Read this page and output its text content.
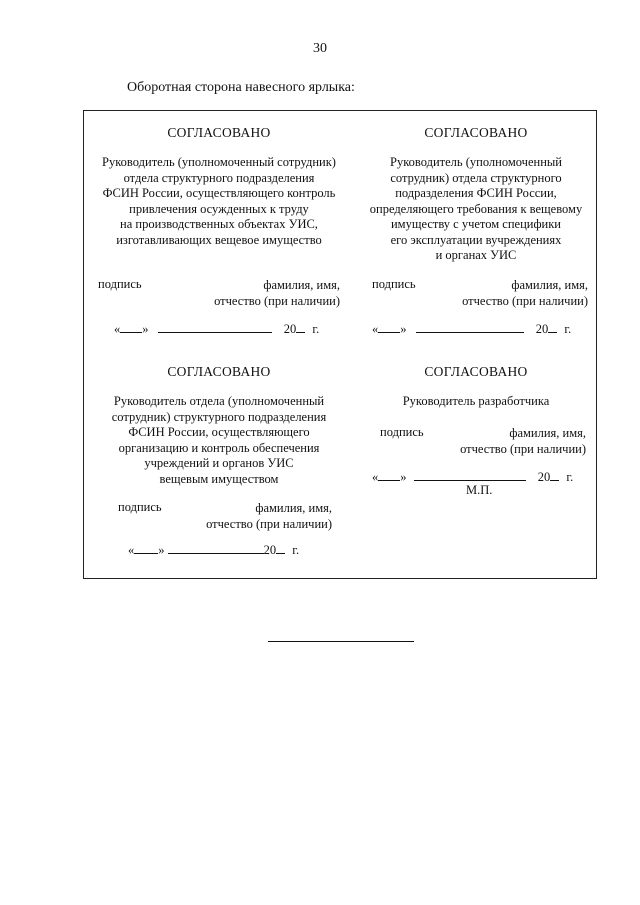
30
Оборотная сторона навесного ярлыка:
СОГЛАСОВАНО
Руководитель (уполномоченный сотрудник)
отдела структурного подразделения
ФСИН России, осуществляющего контроль
привлечения осужденных к труду
на производственных объектах УИС,
изготавливающих вещевое имущество
подпись	фамилия, имя,
отчество (при наличии)
« »	20 г.
СОГЛАСОВАНО
Руководитель (уполномоченный
сотрудник) отдела структурного
подразделения ФСИН России,
определяющего требования к вещевому
имуществу с учетом специфики
его эксплуатации вучреждениях
и органах УИС
подпись	фамилия, имя,
отчество (при наличии)
« »	20 г.
СОГЛАСОВАНО
Руководитель отдела (уполномоченный
сотрудник) структурного подразделения
ФСИН России, осуществляющего
организацию и контроль обеспечения
учреждений и органов УИС
вещевым имуществом
подпись	фамилия, имя,
отчество (при наличии)
« »	20 г.
СОГЛАСОВАНО
Руководитель разработчика
подпись	фамилия, имя,
отчество (при наличии)
« »	20 г.
М.П.
